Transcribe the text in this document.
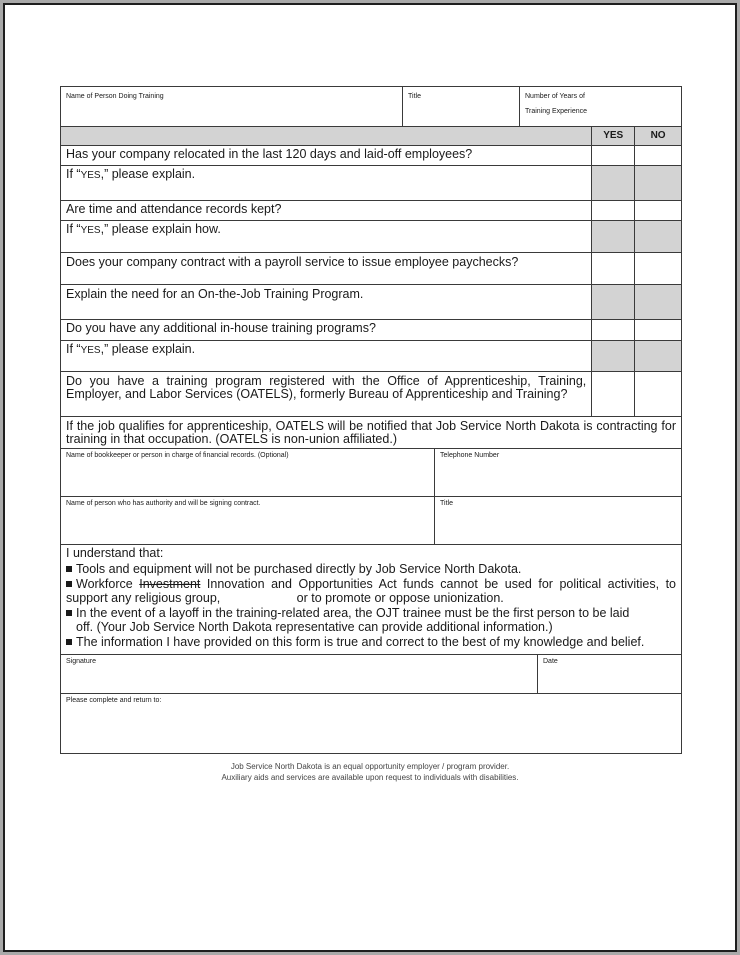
Name of Person Doing Training	Title	Number of Years of
Training Experience
YES	NO
Has your company relocated in the last 120 days and laid-off employees?
If “YES,” please explain.
Are time and attendance records kept?
If “YES,” please explain how.
Does your company contract with a payroll service to issue employee paychecks?
Explain the need for an On-the-Job Training Program.
Do you have any additional in-house training programs?
If “YES,” please explain.
Do you have a training program registered with the Office of Apprenticeship, Training, Employer, and Labor Services (OATELS), formerly Bureau of Apprenticeship and Training?
If the job qualifies for apprenticeship, OATELS will be notified that Job Service North Dakota is contracting for training in that occupation. (OATELS is non-union affiliated.)
Name of bookkeeper or person in charge of financial records. (Optional)	Telephone Number
Name of person who has authority and will be signing contract.	Title
I understand that:
Tools and equipment will not be purchased directly by Job Service North Dakota.
Workforce Investment Innovation and Opportunities Act funds cannot be used for political activities, to support any religious group,                      or to promote or oppose unionization.
In the event of a layoff in the training-related area, the OJT trainee must be the first person to be laid
off. (Your Job Service North Dakota representative can provide additional information.)
The information I have provided on this form is true and correct to the best of my knowledge and belief.
Signature	Date
Please complete and return to:
Job Service North Dakota is an equal opportunity employer / program provider.
Auxiliary aids and services are available upon request to individuals with disabilities.
